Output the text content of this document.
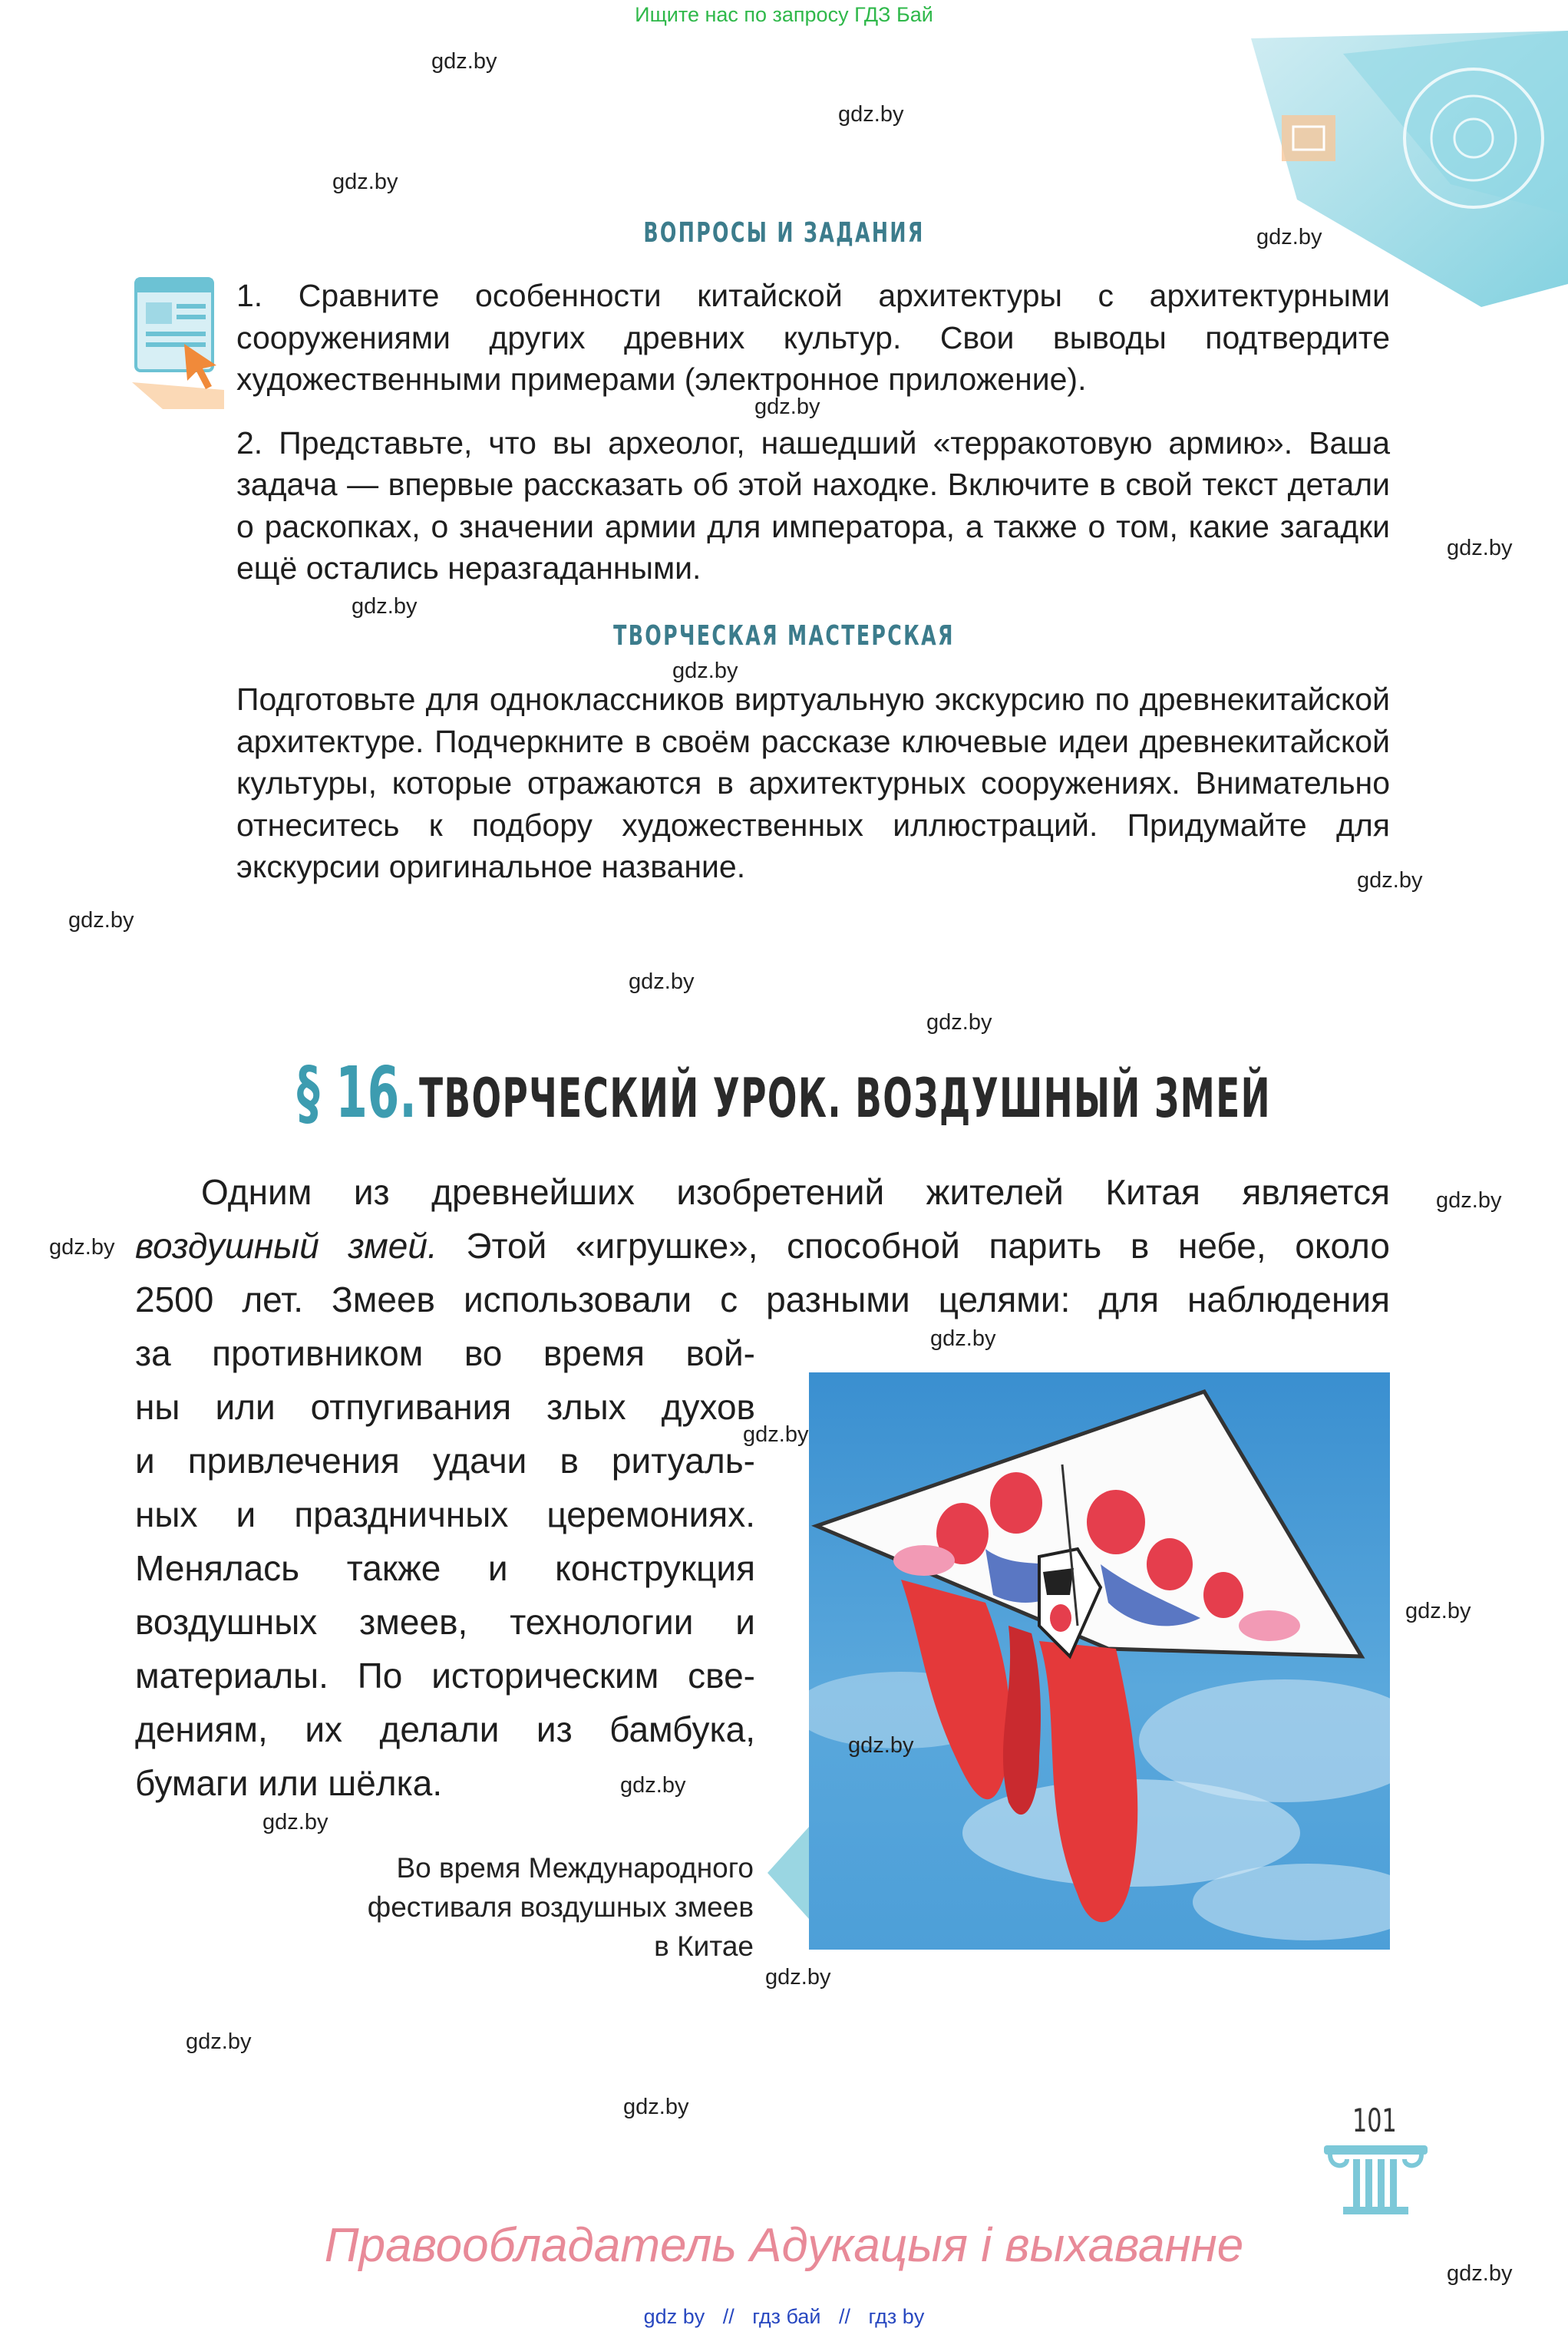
Ищите нас по запросу ГДЗ Бай
ВОПРОСЫ И ЗАДАНИЯ

1. Сравните особенности китайской архитектуры с архитектурными сооружениями других древних культур. Свои выводы подтвердите художественными примерами (электронное приложение).

2. Представьте, что вы археолог, нашедший «терракотовую армию». Ваша задача — впервые рассказать об этой находке. Включите в свой текст детали о раскопках, о значении армии для императора, а также о том, какие загадки ещё остались неразгаданными.

ТВОРЧЕСКАЯ МАСТЕРСКАЯ

Подготовьте для одноклассников виртуальную экскурсию по древнекитайской архитектуре. Подчеркните в своём рассказе ключевые идеи древнекитайской культуры, которые отражаются в архитектурных сооружениях. Внимательно отнеситесь к подбору художественных иллюстраций. Придумайте для экскурсии оригинальное название.

§ 16. ТВОРЧЕСКИЙ УРОК. ВОЗДУШНЫЙ ЗМЕЙ
Одним из древнейших изобретений жителей Китая является
воздушный змей. Этой «игрушке», способной парить в небе, около
2500 лет. Змеев использовали с разными целями: для наблюдения
за противником во время вой-
ны или отпугивания злых духов
и привлечения удачи в ритуаль-
ных и праздничных церемониях.
Менялась также и конструкция
воздушных змеев, технологии и
материалы. По историческим све-
дениям, их делали из бамбука,
бумаги или шёлка.
Во время Международного
фестиваля воздушных змеев
в Китае
101
Правообладатель Адукацыя і выхаванне
gdz by // гдз бай // гдз by
gdz.by
gdz.by
gdz.by
gdz.by
gdz.by
gdz.by
gdz.by
gdz.by
gdz.by
gdz.by
gdz.by
gdz.by
gdz.by
gdz.by
gdz.by
gdz.by
gdz.by
gdz.by
gdz.by
gdz.by
gdz.by
gdz.by
gdz.by
gdz.by
